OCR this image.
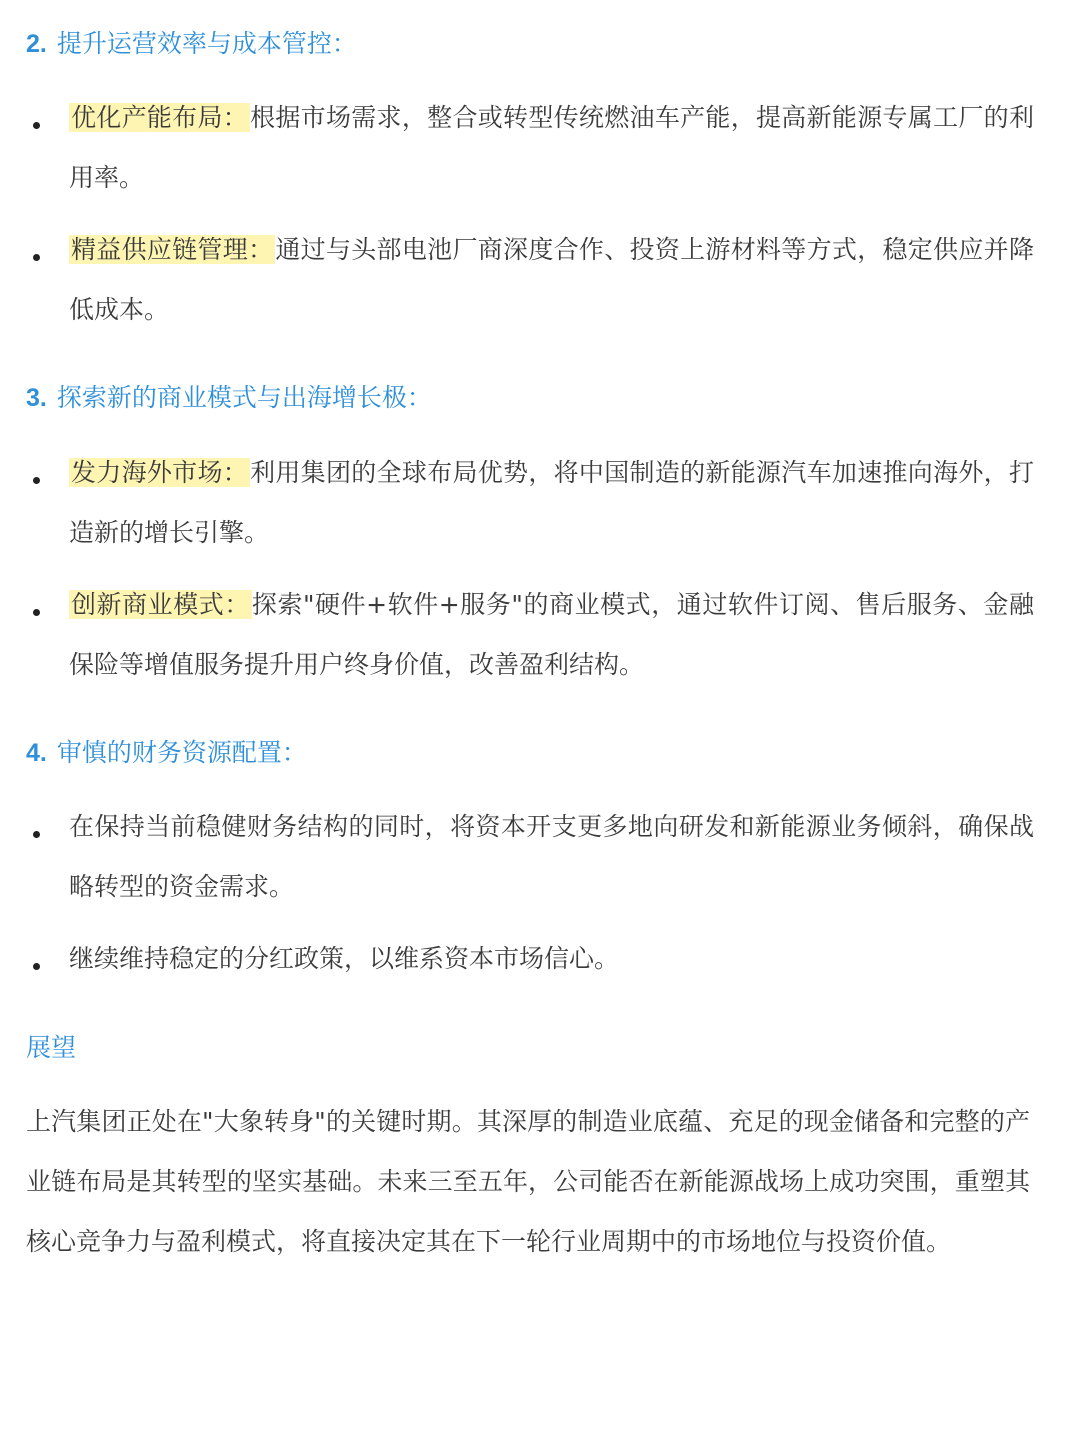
2. 提升运营效率与成本管控：
优化产能布局：根据市场需求，整合或转型传统燃油车产能，提高新能源专属工厂的利用率。
精益供应链管理：通过与头部电池厂商深度合作、投资上游材料等方式，稳定供应并降低成本。
3. 探索新的商业模式与出海增长极：
发力海外市场：利用集团的全球布局优势，将中国制造的新能源汽车加速推向海外，打造新的增长引擎。
创新商业模式：探索"硬件+软件+服务"的商业模式，通过软件订阅、售后服务、金融保险等增值服务提升用户终身价值，改善盈利结构。
4. 审慎的财务资源配置：
在保持当前稳健财务结构的同时，将资本开支更多地向研发和新能源业务倾斜，确保战略转型的资金需求。
继续维持稳定的分红政策，以维系资本市场信心。
展望
上汽集团正处在"大象转身"的关键时期。其深厚的制造业底蕴、充足的现金储备和完整的产业链布局是其转型的坚实基础。未来三至五年，公司能否在新能源战场上成功突围，重塑其核心竞争力与盈利模式，将直接决定其在下一轮行业周期中的市场地位与投资价值。
